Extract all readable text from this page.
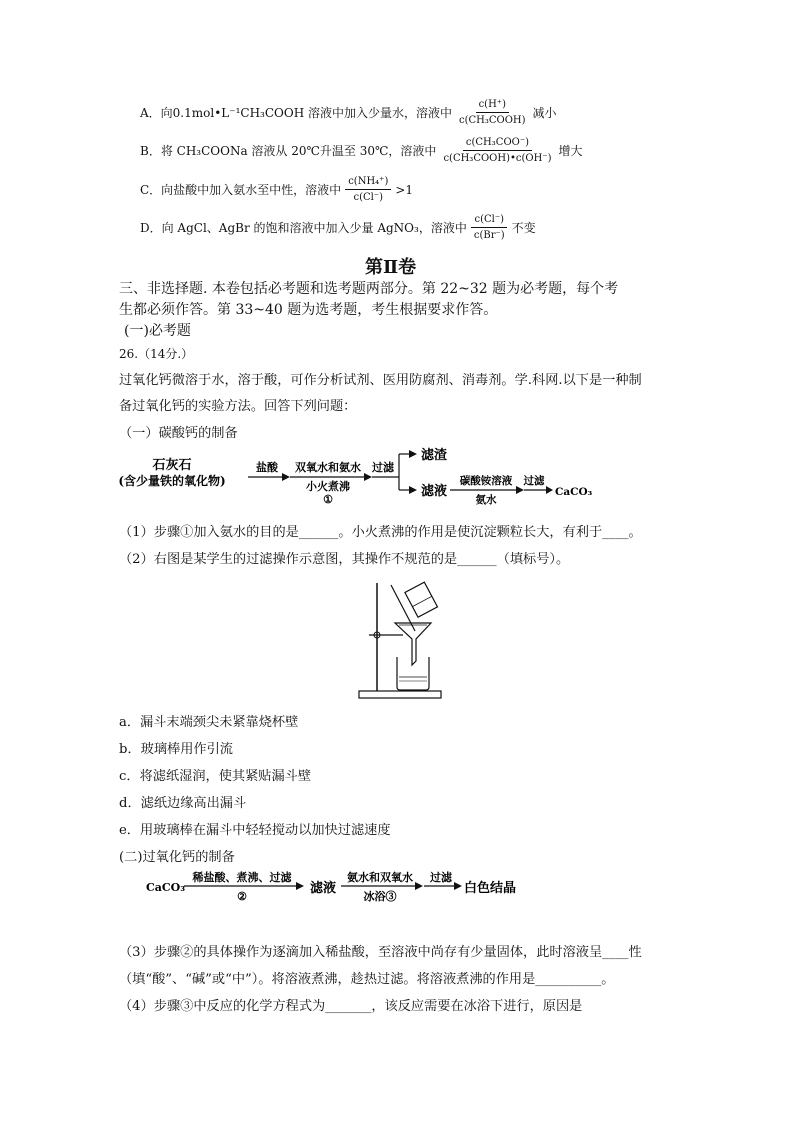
A．向0.1mol•L⁻¹CH₃COOH 溶液中加入少量水，溶液中 $\frac{c(H^+)}{\text{c(CH₃COOH)}}$ 减小
B．将 CH₃COONa 溶液从 20℃升温至 30℃，溶液中 $\frac{\text{c(CH₃COO⁻)}}{\text{c(CH₃COOH)•c(OH⁻)}}$ 增大
C．向盐酸中加入氨水至中性，溶液中 $\frac{\text{c(NH₄⁺)}}{c(Cl^-)} >1$
D．向 AgCl、AgBr 的饱和溶液中加入少量 AgNO₃，溶液中 $\frac{c(Cl^-)}{c(Br^-)}$ 不变
第Ⅱ卷
三、非选择题. 本卷包括必考题和选考题两部分。第 22~32 题为必考题，每个考
生都必须作答。第 33~40 题为选考题，考生根据要求作答。
(一)必考题
26.（14分.）
过氧化钙微溶于水，溶于酸，可作分析试剂、医用防腐剂、消毒剂。学.科网.以下是一种制
备过氧化钙的实验方法。回答下列问题：
（一）碳酸钙的制备
石灰石
(含少量铁的氧化物)
盐酸 双氧水和氨水
小火煮沸
①
过滤
滤渣
滤液
碳酸铵溶液
氨水
过滤
CaCO₃
（1）步骤①加入氨水的目的是______。小火煮沸的作用是使沉淀颗粒长大，有利于____。
（2）右图是某学生的过滤操作示意图，其操作不规范的是______（填标号）。
a．漏斗末端颈尖未紧靠烧杯壁
b．玻璃棒用作引流
c．将滤纸湿润，使其紧贴漏斗壁
d．滤纸边缘高出漏斗
e．用玻璃棒在漏斗中轻轻搅动以加快过滤速度
(二)过氧化钙的制备
CaCO₃
稀盐酸、煮沸、过滤
②
滤液
氨水和双氧水
冰浴③
过滤
白色结晶
（3）步骤②的具体操作为逐滴加入稀盐酸，至溶液中尚存有少量固体，此时溶液呈____性
（填“酸”、“碱”或“中”）。将溶液煮沸，趁热过滤。将溶液煮沸的作用是__________。
（4）步骤③中反应的化学方程式为_______，该反应需要在冰浴下进行，原因是
